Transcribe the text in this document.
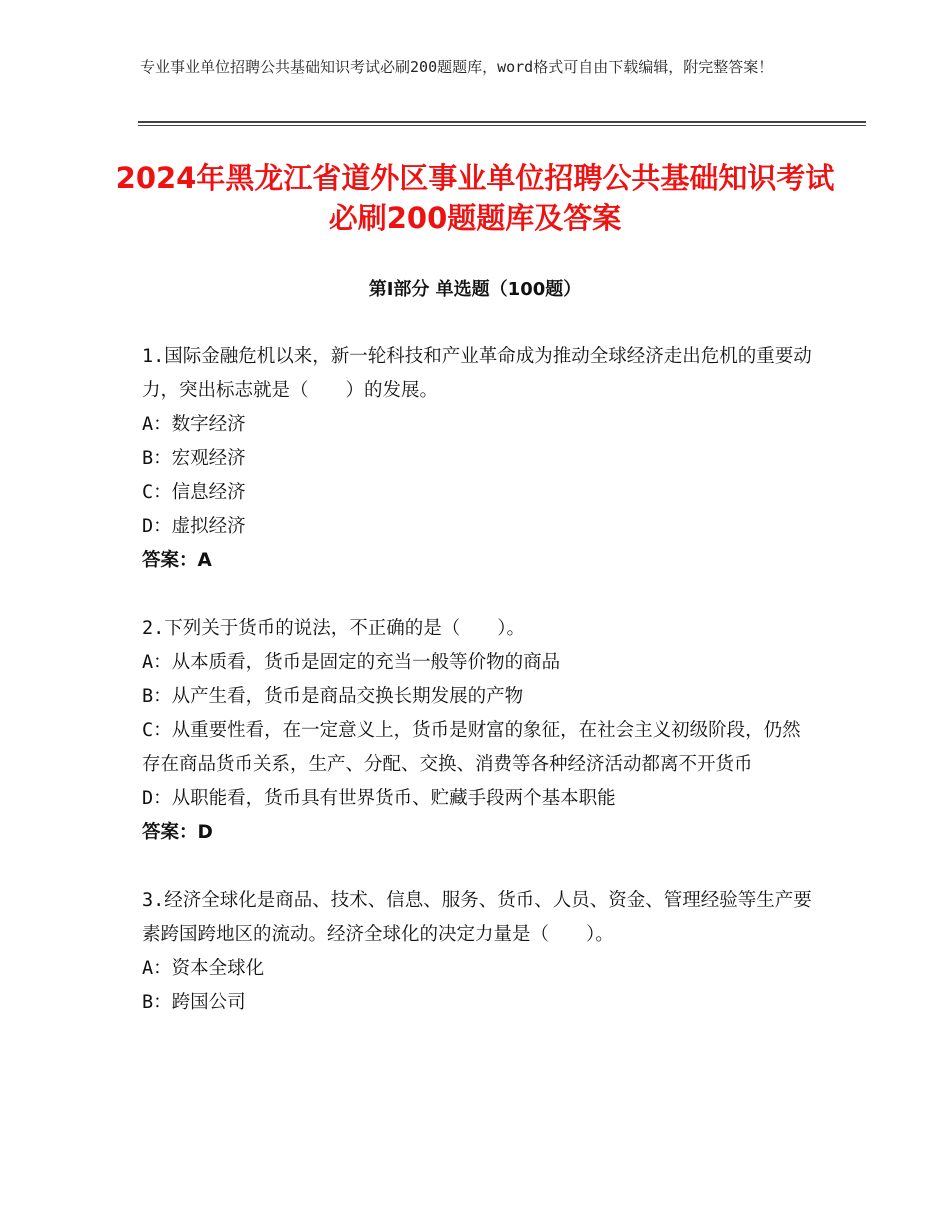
专业事业单位招聘公共基础知识考试必刷200题题库，word格式可自由下载编辑，附完整答案！
2024年黑龙江省道外区事业单位招聘公共基础知识考试必刷200题题库及答案
第Ⅰ部分 单选题（100题）

1.国际金融危机以来，新一轮科技和产业革命成为推动全球经济走出危机的重要动力，突出标志就是（　　）的发展。

A：数字经济

B：宏观经济

C：信息经济

D：虚拟经济

答案：A

2.下列关于货币的说法，不正确的是（　　）。

A：从本质看，货币是固定的充当一般等价物的商品

B：从产生看，货币是商品交换长期发展的产物

C：从重要性看，在一定意义上，货币是财富的象征，在社会主义初级阶段，仍然存在商品货币关系，生产、分配、交换、消费等各种经济活动都离不开货币

D：从职能看，货币具有世界货币、贮藏手段两个基本职能

答案：D

3.经济全球化是商品、技术、信息、服务、货币、人员、资金、管理经验等生产要素跨国跨地区的流动。经济全球化的决定力量是（　　）。

A：资本全球化

B：跨国公司
